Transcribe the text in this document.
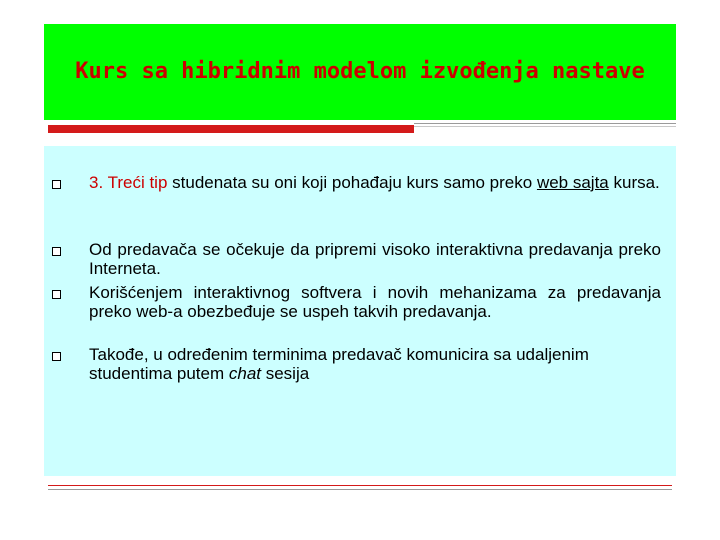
Kurs sa hibridnim modelom izvođenja nastave
3. Treći tip studenata su oni koji pohađaju kurs samo preko web sajta kursa.
Od predavača se očekuje da pripremi visoko interaktivna predavanja preko Interneta.
Korišćenjem interaktivnog softvera i novih mehanizama za predavanja preko web-a obezbeđuje se uspeh takvih predavanja.
Takođe, u određenim terminima predavač komunicira sa udaljenim studentima putem chat sesija
